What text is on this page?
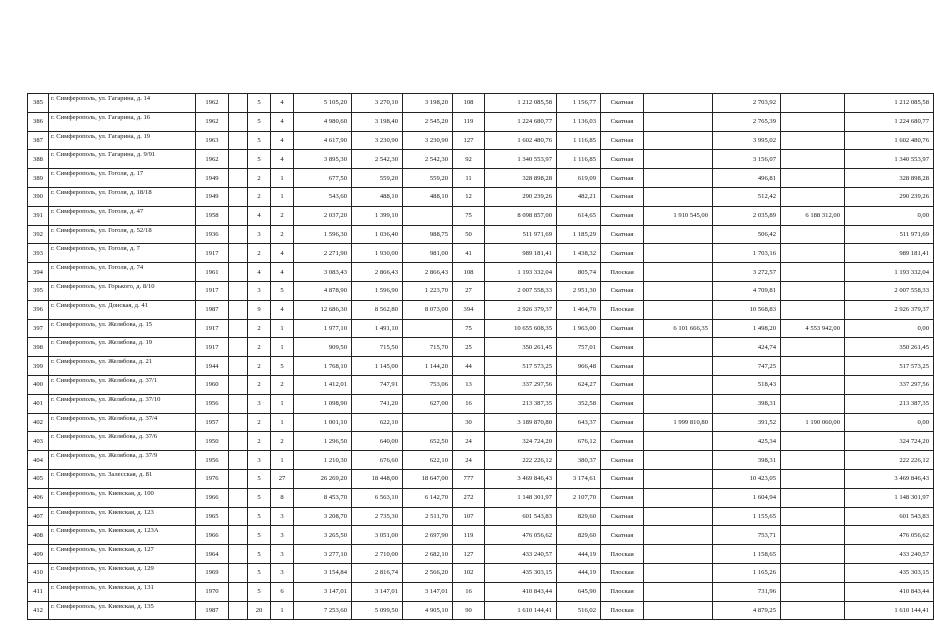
385	г. Симферополь, ул. Гагарина, д. 14	1962		5	4	5 105,20	3 270,10	3 198,20	108	1 212 085,58	1 156,77	Скатная		2 703,92		1 212 085,58
386	г. Симферополь, ул. Гагарина, д. 16	1962		5	4	4 980,60	3 198,40	2 545,20	119	1 224 680,77	1 136,03	Скатная		2 765,39		1 224 680,77
387	г. Симферополь, ул. Гагарина, д. 19	1963		5	4	4 617,90	3 230,90	3 230,90	127	1 602 480,76	1 116,85	Скатная		3 995,02		1 602 480,76
388	г. Симферополь, ул. Гагарина, д. 9/91	1962		5	4	3 895,30	2 542,30	2 542,30	92	1 340 553,97	1 116,85	Скатная		3 156,07		1 340 553,97
389	г. Симферополь, ул. Гоголя, д. 17	1949		2	1	677,50	559,20	559,20	11	328 898,28	619,09	Скатная		496,81		328 898,28
390	г. Симферополь, ул. Гоголя, д. 18/18	1949		2	1	543,60	488,10	488,10	12	290 239,26	482,21	Скатная		512,42		290 239,26
391	г. Симферополь, ул. Гоголя, д. 47	1958		4	2	2 037,20	1 399,10		75	8 098 857,00	614,65	Скатная	1 910 545,00	2 035,89	6 188 312,00	0,00
392	г. Симферополь, ул. Гоголя, д. 52/18	1936		3	2	1 596,30	1 036,40	988,75	50	511 971,69	1 185,29	Скатная		506,42		511 971,69
393	г. Симферополь, ул. Гоголя, д. 7	1917		2	4	2 271,90	1 930,00	981,00	41	989 181,41	1 438,32	Скатная		1 703,16		989 181,41
394	г. Симферополь, ул. Гоголя, д. 74	1961		4	4	3 083,43	2 866,43	2 866,43	108	1 193 332,04	805,74	Плоская		3 272,57		1 193 332,04
395	г. Симферополь, ул. Горького, д. 8/10	1917		3	5	4 878,90	1 596,90	1 223,70	27	2 007 558,33	2 951,30	Скатная		4 709,81		2 007 558,33
396	г. Симферополь, ул. Донская, д. 41	1987		9	4	12 686,30	8 562,80	8 073,00	394	2 926 379,37	1 464,79	Плоская		10 568,83		2 926 379,37
397	г. Симферополь, ул. Желябова, д. 15	1917		2	1	1 977,10	1 491,10		75	10 655 608,35	1 963,00	Скатная	6 101 666,35	1 498,20	4 553 942,00	0,00
398	г. Симферополь, ул. Желябова, д. 19	1917		2	1	909,50	715,50	715,70	25	350 261,45	757,01	Скатная		424,74		350 261,45
399	г. Симферополь, ул. Желябова, д. 21	1944		2	5	1 768,10	1 145,00	1 144,20	44	517 573,25	966,48	Скатная		747,25		517 573,25
400	г. Симферополь, ул. Желябова, д. 37/1	1960		2	2	1 412,01	747,91	753,06	13	337 297,56	624,27	Скатная		518,43		337 297,56
401	г. Симферополь, ул. Желябова, д. 37/10	1956		3	1	1 098,90	741,20	627,00	16	213 387,35	352,58	Скатная		398,31		213 387,35
402	г. Симферополь, ул. Желябова, д. 37/4	1957		2	1	1 001,10	622,10		30	3 189 870,80	643,37	Скатная	1 999 810,80	391,52	1 190 060,00	0,00
403	г. Симферополь, ул. Желябова, д. 37/6	1950		2	2	1 296,50	640,00	652,50	24	324 724,20	676,12	Скатная		425,34		324 724,20
404	г. Симферополь, ул. Желябова, д. 37/9	1956		3	1	1 210,30	676,60	622,10	24	222 226,12	380,37	Скатная		398,31		222 226,12
405	г. Симферополь, ул. Залесская, д. 81	1976		5	27	26 269,20	18 448,00	18 647,00	777	3 469 846,43	3 174,61	Скатная		10 423,05		3 469 846,43
406	г. Симферополь, ул. Киевская, д. 100	1966		5	8	8 453,70	6 563,10	6 142,70	272	1 148 301,97	2 107,70	Скатная		1 604,94		1 148 301,97
407	г. Симферополь, ул. Киевская, д. 123	1965		5	3	3 208,70	2 735,30	2 511,70	107	601 543,83	829,60	Скатная		1 155,65		601 543,83
408	г. Симферополь, ул. Киевская, д. 123А	1966		5	3	3 265,50	3 051,00	2 697,90	119	476 056,62	829,60	Скатная		753,71		476 056,62
409	г. Симферополь, ул. Киевская, д. 127	1964		5	3	3 277,10	2 710,00	2 682,10	127	433 240,57	444,19	Плоская		1 158,65		433 240,57
410	г. Симферополь, ул. Киевская, д. 129	1969		5	3	3 154,84	2 816,74	2 566,20	102	435 303,15	444,19	Плоская		1 165,26		435 303,15
411	г. Симферополь, ул. Киевская, д. 131	1970		5	6	3 147,01	3 147,01	3 147,01	16	410 843,44	645,90	Плоская		731,96		410 843,44
412	г. Симферополь, ул. Киевская, д. 135	1987		20	1	7 253,60	5 099,50	4 905,10	90	1 610 144,41	516,02	Плоская		4 879,25		1 610 144,41
